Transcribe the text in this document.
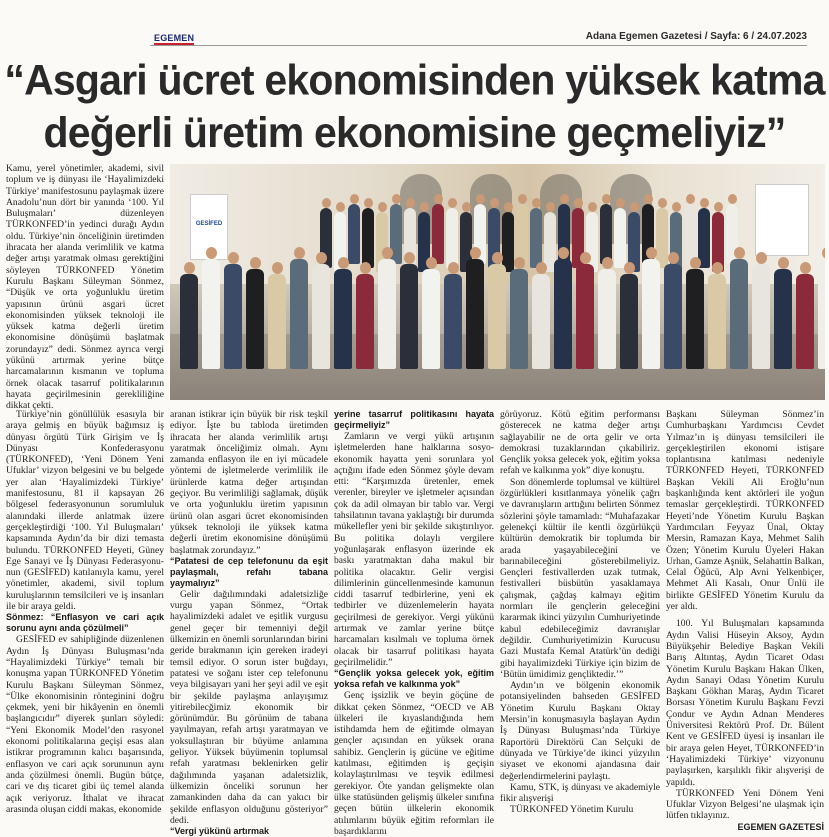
EGEMEN	Adana Egemen Gazetesi / Sayfa: 6 / 24.07.2023
“Asgari ücret ekonomisinden yüksek katma
değerli üretim ekonomisine geçmeliyiz”
GESİFED

Kamu, yerel yönetimler, akademi, sivil toplum ve iş dünyası ile ‘Hayalimizdeki Türkiye’ manifestosunu paylaşmak üzere Anadolu’nun dört bir yanında ‘100. Yıl Buluşmaları’ düzenleyen TÜRKONFED’in yedinci durağı Aydın oldu. Türkiye’nin önceliğinin üretimden ihracata her alanda verimlilik ve katma değer artışı yaratmak olması gerektiğini söyleyen TÜRKONFED Yönetim Kurulu Başkanı Süleyman Sönmez, “Düşük ve orta yoğunluklu üretim yapısının ürünü asgari ücret ekonomisinden yüksek teknoloji ile yüksek katma değerli üretim ekonomisine dönüşümü başlatmak zorundayız” dedi. Sönmez ayrıca vergi yükünü artırmak yerine bütçe harcamalarının kısmanın ve topluma örnek olacak tasarruf politikalarının hayata geçirilmesinin gerekliliğine dikkat çekti.

Türkiye’nin gönüllülük esasıyla bir araya gelmiş en büyük bağımsız iş dünyası örgütü Türk Girişim ve İş Dünyası Konfederasyonu (TÜRKONFED), ‘Yeni Dönem Yeni Ufuklar’ vizyon belgesini ve bu belgede yer alan ‘Hayalimizdeki Türkiye’ manifestosunu, 81 il kapsayan 26 bölgesel federasyonunun sorumluluk alanındaki illerde anlatmak üzere gerçekleştirdiği ‘100. Yıl Buluşmaları’ kapsamında Aydın’da bir dizi temasta bulundu. TÜRKONFED Heyeti, Güney Ege Sanayi ve İş Dünyası Federasyonu-nun (GESİFED) katılanıyla kamu, yerel yönetimler, akademi, sivil toplum kuruluşlarının temsilcileri ve iş insanları ile bir araya geldi.

Sönmez: “Enflasyon ve cari açık sorunu aynı anda çözülmeli”

GESİFED ev sahipliğinde düzenlenen Aydın İş Dünyası Buluşması’nda “Hayalimizdeki Türkiye” temalı bir konuşma yapan TÜRKONFED Yönetim Kurulu Başkanı Süleyman Sönmez, “Ülke ekonomisinin rönteginini doğru çekmek, yeni bir hikâyenin en önemli başlangıcıdır” diyerek şunları söyledi: “Yeni Ekonomik Model’den rasyonel ekonomi politikalarına geçişi esas alan istikrar programının kalıcı başarısında, enflasyon ve cari açık sorununun aynı anda çözülmesi önemli. Bugün bütçe, cari ve dış ticaret gibi üç temel alanda açık veriyoruz. İthalat ve ihracat arasında oluşan ciddi makas, ekonomide

aranan istikrar için büyük bir risk teşkil ediyor. İşte bu tabloda üretimden ihracata her alanda verimlilik artışı yaratmak önceliğimiz olmalı. Aynı zamanda enflasyon ile en iyi mücadele yöntemi de işletmelerde verimlilik ile ürünlerde katma değer artışından geçiyor. Bu verimliliği sağlamak, düşük ve orta yoğunluklu üretim yapısının ürünü olan asgari ücret ekonomisinden yüksek teknoloji ile yüksek katma değerli üretim ekonomisine dönüşümü başlatmak zorundayız.”

“Patatesi de cep telefonunu da eşit paylaşmalı, refahı tabana yaymalıyız”

Gelir dağılımındaki adaletsizliğe vurgu yapan Sönmez, “Ortak hayalimizdeki adalet ve eşitlik vurgusu genel geçer bir temenniyi değil ülkemizin en önemli sorunlarından birini geride bırakmanın için gereken iradeyi temsil ediyor. O sorun ister buğdayı, patatesi ve soğanı ister cep telefonunu veya bilgisayarı yani her şeyi adil ve eşit bir şekilde paylaşma anlayışımız yitirebilecğimiz ekonomik bir görünümdür. Bu görünüm de tabana yayılmayan, refah artışı yaratmayan ve yoksullaştıran bir büyüme anlamına geliyor. Yüksek büyümenin toplumsal refah yaratması beklenirken gelir dağılımında yaşanan adaletsizlik, ülkemizin önceliki sorunun her zamankinden daha da can yakıcı bir şekilde enflasyon olduğunu gösteriyor” dedi.

“Vergi yükünü artırmak

yerine tasarruf politikasını hayata geçirmeliyiz”

Zamların ve vergi yükü artışının işletmelerden hane halklarına sosyo-ekonomik hayatta yeni sorunlara yol açtığını ifade eden Sönmez şöyle devam etti: “Karşımızda üretenler, emek verenler, bireyler ve işletmeler açısından çok da adil olmayan bir tablo var. Vergi tahsilatının tavana yaklaştığı bir durumda mükellefler yeni bir şekilde sıkıştırılıyor. Bu politika dolaylı vergilere yoğunlaşarak enflasyon üzerinde ek baskı yaratmaktan daha makul bir politika olacaktır. Gelir vergisi dilimlerinin güncellenmesinde kamunun ciddi tasarruf tedbirlerine, yeni ek tedbirler ve düzenlemelerin hayata geçirilmesi de gerekiyor. Vergi yükünü artırmak ve zamlar yerine bütçe harcamaları kısılmalı ve topluma örnek olacak bir tasarruf politikası hayata geçirilmelidir.”

“Gençlik yoksa gelecek yok, eğitim yoksa refah ve kalkınma yok”

Genç işsizlik ve beyin göçüne de dikkat çeken Sönmez, “OECD ve AB ülkeleri ile kıyaslandığında hem istihdamda hem de eğitimde olmayan gençler açısından en yüksek orana sahibiz. Gençlerin iş gücüne ve eğitime katılması, eğitimden iş geçişin kolaylaştırılması ve teşvik edilmesi gerekiyor. Öte yandan gelişmekte olan ülke statüsünden gelişmiş ülkeler sınıfına geçen bütün ülkelerin ekonomik atılımlarını büyük eğitim reformları ile başardıklarını

görüyoruz. Kötü eğitim performansı gösterecek ne katma değer artışı sağlayabilir ne de orta gelir ve orta demokrasi tuzaklarından çıkabiliriz. Gençlik yoksa gelecek yok, eğitim yoksa refah ve kalkınma yok” diye konuştu.

Son dönemlerde toplumsal ve kültürel özgürlükleri kısıtlanmaya yönelik çağrı ve davranışların arttığını belirten Sönmez sözlerini şöyle tamamladı: “Muhafazakar gelenekçi kültür ile kentli özgürlükçü kültürün demokratik bir toplumda bir arada yaşayabileceğini ve barınabileceğini gösterebilmeliyiz. Gençleri festivallerden uzak tutmak, festivalleri büsbütün yasaklamaya çalışmak, çağdaş kalmayı eğitim normları ile gençlerin geleceğini kararmak ikinci yüzyılın Cumhuriyetinde kabul edebileceğimiz davranışlar değildir. Cumhuriyetimizin Kurucusu Gazi Mustafa Kemal Atatürk’ün dediği gibi hayalimizdeki Türkiye için bizim de ‘Bütün ümidimiz gençliktedir.’”

Aydın’ın ve bölgenin ekonomik potansiyelinden bahseden GESİFED Yönetim Kurulu Başkanı Oktay Mersin’in konuşmasıyla başlayan Aydın İş Dünyası Buluşması’nda Türkiye Raportörü Direktörü Can Selçuki de dünyada ve Türkiye’de ikinci yüzyılın siyaset ve ekonomi ajandasına dair değerlendirmelerini paylaştı.

Kamu, STK, iş dünyası ve akademiyle fikir alışverişi

TÜRKONFED Yönetim Kurulu

Başkanı Süleyman Sönmez’in Cumhurbaşkanı Yardımcısı Cevdet Yılmaz’ın iş dünyası temsilcileri ile gerçekleştirilen ekonomi istişare toplantısına katılması nedeniyle TÜRKONFED Heyeti, TÜRKONFED Başkan Vekili Ali Eroğlu’nun başkanlığında kent aktörleri ile yoğun temaslar gerçekleştirdi. TÜRKONFED Heyeti’nde Yönetim Kurulu Başkan Yardımcıları Feyyaz Ünal, Oktay Mersin, Ramazan Kaya, Mehmet Salih Özen; Yönetim Kurulu Üyeleri Hakan Urhan, Gamze Aşnük, Selahattin Balkan, Celal Öğücü, Alp Avni Yelkenbiçer, Mehmet Ali Kasalı, Onur Ünlü ile birlikte GESİFED Yönetim Kurulu da yer aldı.

100. Yıl Buluşmaları kapsamında Aydın Valisi Hüseyin Aksoy, Aydın Büyükşehir Belediye Başkan Vekili Barış Altıntaş, Aydın Ticaret Odası Yönetim Kurulu Başkanı Hakan Ülken, Aydın Sanayi Odası Yönetim Kurulu Başkanı Gökhan Maraş, Aydın Ticaret Borsası Yönetim Kurulu Başkanı Fevzi Çondur ve Aydın Adnan Menderes Üniversitesi Rektörü Prof. Dr. Bülent Kent ve GESİFED üyesi iş insanları ile bir araya gelen Heyet, TÜRKONFED’in ‘Hayalimizdeki Türkiye’ vizyonunu paylaşırken, karşılıklı fikir alışverişi de yapıldı.

TÜRKONFED Yeni Dönem Yeni Ufuklar Vizyon Belgesi’ne ulaşmak için lütfen tıklayınız.

EGEMEN GAZETESİ
